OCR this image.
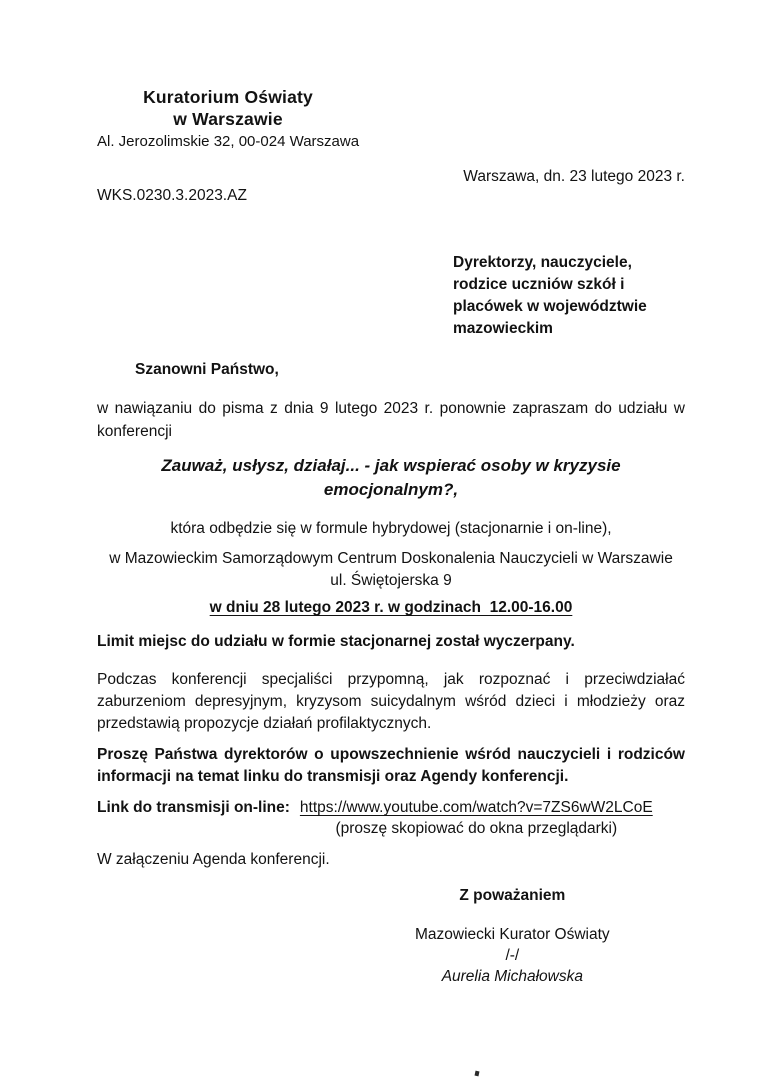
Kuratorium Oświaty
w Warszawie
Al. Jerozolimskie 32, 00-024 Warszawa
Warszawa, dn. 23 lutego 2023 r.
WKS.0230.3.2023.AZ
Dyrektorzy, nauczyciele,
rodzice uczniów szkół i
placówek w województwie
mazowieckim
Szanowni Państwo,
w nawiązaniu do pisma z dnia 9 lutego 2023 r. ponownie zapraszam do udziału w konferencji
Zauważ, usłysz, działaj... - jak wspierać osoby w kryzysie emocjonalnym?,
która odbędzie się w formule hybrydowej (stacjonarnie i on-line),
w Mazowieckim Samorządowym Centrum Doskonalenia Nauczycieli w Warszawie
ul. Świętojerska 9
w dniu 28 lutego 2023 r. w godzinach  12.00-16.00
Limit miejsc do udziału w formie stacjonarnej został wyczerpany.
Podczas konferencji specjaliści przypomną, jak rozpoznać i przeciwdziałać zaburzeniom depresyjnym, kryzysom suicydalnym wśród dzieci i młodzieży oraz przedstawią propozycje działań profilaktycznych.
Proszę Państwa dyrektorów o upowszechnienie wśród nauczycieli i rodziców informacji na temat linku do transmisji oraz Agendy konferencji.
Link do transmisji on-line: https://www.youtube.com/watch?v=7ZS6wW2LCoE
(proszę skopiować do okna przeglądarki)
W załączeniu Agenda konferencji.
Z poważaniem
Mazowiecki Kurator Oświaty
/-/
Aurelia Michałowska
